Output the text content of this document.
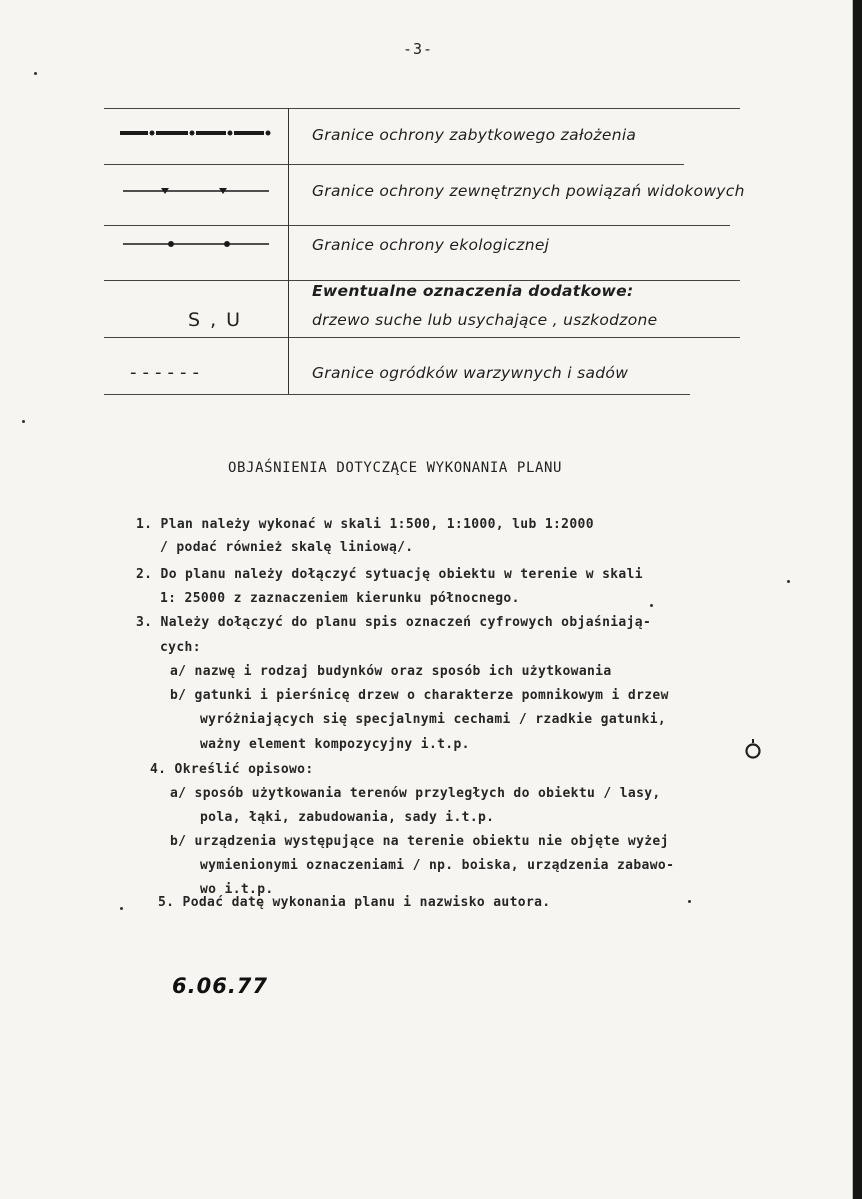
-3-
Granice ochrony zabytkowego założenia
Granice ochrony zewnętrznych powiązań widokowych
Granice ochrony ekologicznej
S , U
Ewentualne oznaczenia dodatkowe:
drzewo suche lub usychające , uszkodzone
------	Granice ogródków warzywnych i sadów
OBJAŚNIENIA DOTYCZĄCE WYKONANIA PLANU
1. Plan należy wykonać w skali 1:500, 1:1000, lub 1:2000
/ podać również skalę liniową/.
2. Do planu należy dołączyć sytuację obiektu w terenie w skali
1: 25000 z zaznaczeniem kierunku północnego.
3. Należy dołączyć do planu spis oznaczeń cyfrowych objaśniają-
cych:
a/ nazwę i rodzaj budynków oraz sposób ich użytkowania
b/ gatunki i pierśnicę drzew o charakterze pomnikowym i drzew
wyróżniających się specjalnymi cechami / rzadkie gatunki,
ważny element kompozycyjny i.t.p.
4. Określić opisowo:
a/ sposób użytkowania terenów przyległych do obiektu / lasy,
pola, łąki, zabudowania, sady i.t.p.
b/ urządzenia występujące na terenie obiektu nie objęte wyżej
wymienionymi oznaczeniami / np. boiska, urządzenia zabawo-
wo i.t.p.
5. Podać datę wykonania planu i nazwisko autora.
6.06.77
